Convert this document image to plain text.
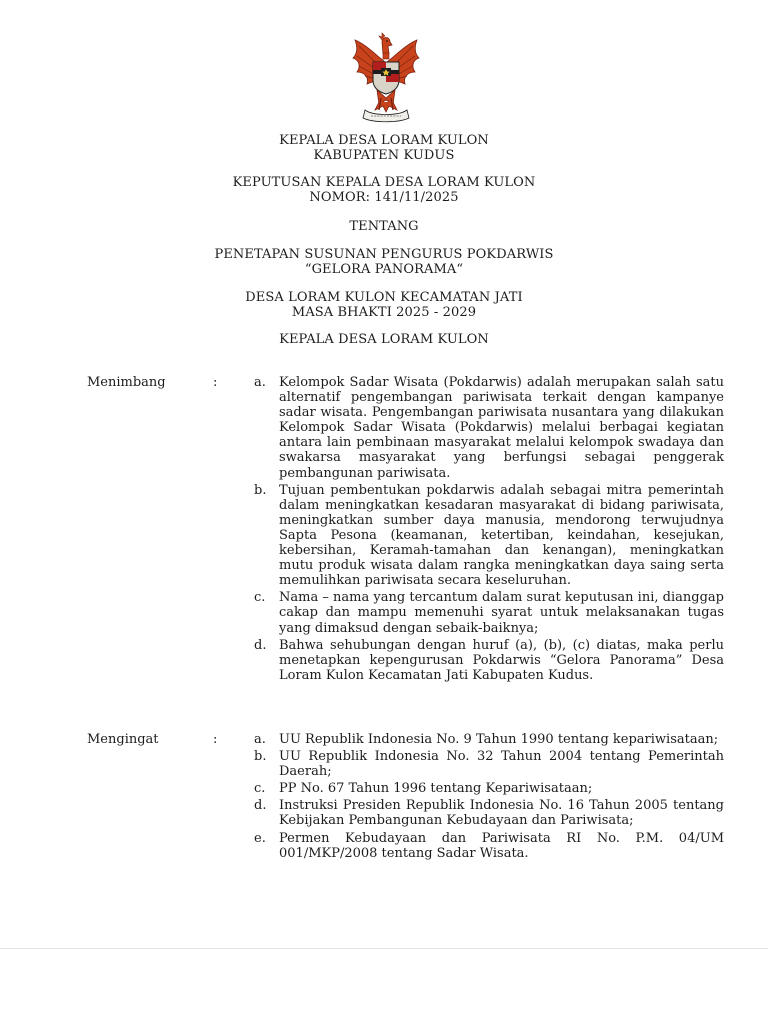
KEPALA DESA LORAM KULON
KABUPATEN KUDUS
KEPUTUSAN KEPALA DESA LORAM KULON
NOMOR: 141/11/2025
TENTANG
PENETAPAN SUSUNAN PENGURUS POKDARWIS
“GELORA PANORAMA“
DESA LORAM KULON KECAMATAN JATI
MASA BHAKTI 2025 - 2029
KEPALA DESA LORAM KULON
Menimbang	:	a. Kelompok Sadar Wisata (Pokdarwis) adalah merupakan salah satu alternatif pengembangan pariwisata terkait dengan kampanye sadar wisata. Pengembangan pariwisata nusantara yang dilakukan Kelompok Sadar Wisata (Pokdarwis) melalui berbagai kegiatan antara lain pembinaan masyarakat melalui kelompok swadaya dan swakarsa masyarakat yang berfungsi sebagai penggerak pembangunan pariwisata.
b. Tujuan pembentukan pokdarwis adalah sebagai mitra pemerintah dalam meningkatkan kesadaran masyarakat di bidang pariwisata, meningkatkan sumber daya manusia, mendorong terwujudnya Sapta Pesona (keamanan, ketertiban, keindahan, kesejukan, kebersihan, Keramah-tamahan dan kenangan), meningkatkan mutu produk wisata dalam rangka meningkatkan daya saing serta memulihkan pariwisata secara keseluruhan.
c. Nama – nama yang tercantum dalam surat keputusan ini, dianggap cakap dan mampu memenuhi syarat untuk melaksanakan tugas yang dimaksud dengan sebaik-baiknya;
d. Bahwa sehubungan dengan huruf (a), (b), (c) diatas, maka perlu menetapkan kepengurusan Pokdarwis “Gelora Panorama” Desa Loram Kulon Kecamatan Jati Kabupaten Kudus.
Mengingat	:	a. UU Republik Indonesia No. 9 Tahun 1990 tentang kepariwisataan;
b. UU Republik Indonesia No. 32 Tahun 2004 tentang Pemerintah Daerah;
c. PP No. 67 Tahun 1996 tentang Kepariwisataan;
d. Instruksi Presiden Republik Indonesia No. 16 Tahun 2005 tentang Kebijakan Pembangunan Kebudayaan dan Pariwisata;
e. Permen Kebudayaan dan Pariwisata RI No. P.M. 04/UM 001/MKP/2008 tentang Sadar Wisata.
